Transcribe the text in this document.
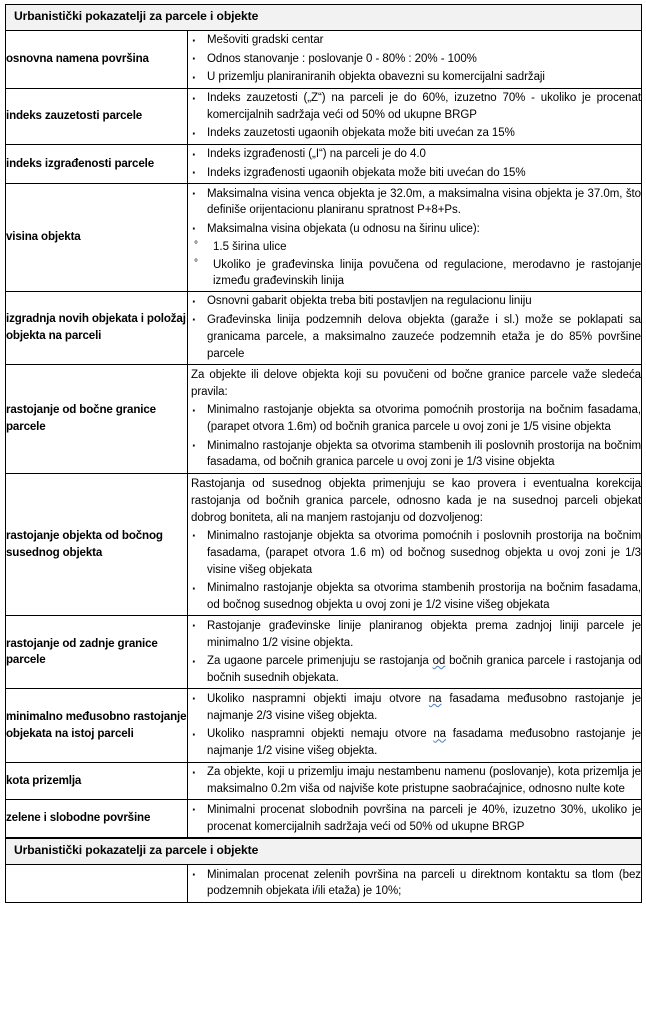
Urbanistički pokazatelji za parcele i objekte	
osnovna namena površina	
· Mešoviti gradski centar
· Odnos stanovanje : poslovanje 0 - 80% : 20% - 100%
· U prizemlju planiraniranih objekta obavezni su komercijalni sadržaji

indeks zauzetosti parcele	
· Indeks zauzetosti („Z“) na parceli je do 60%, izuzetno 70% - ukoliko je procenat komercijalnih sadržaja veći od 50% od ukupne BRGP
· Indeks zauzetosti ugaonih objekata može biti uvećan za 15%

indeks izgrađenosti parcele	
· Indeks izgrađenosti („I“) na parceli je do 4.0
· Indeks izgrađenosti ugaonih objekata može biti uvećan do 15%

visina objekta	
· Maksimalna visina venca objekta je 32.0m, a maksimalna visina objekta je 37.0m, što definiše orijentacionu planiranu spratnost P+8+Ps.
· Maksimalna visina objekata (u odnosu na širinu ulice):
° 1.5 širina ulice
° Ukoliko je građevinska linija povučena od regulacione, merodavno je rastojanje između građevinskih linija

izgradnja novih objekata i položaj objekta na parceli	
· Osnovni gabarit objekta treba biti postavljen na regulacionu liniju
· Građevinska linija podzemnih delova objekta (garaže i sl.) može se poklapati sa granicama parcele, a maksimalno zauzeće podzemnih etaža je do 85% površine parcele

rastojanje od bočne granice parcele	

Za objekte ili delove objekta koji su povučeni od bočne granice parcele važe sledeća pravila:

· Minimalno rastojanje objekta sa otvorima pomoćnih prostorija na bočnim fasadama, (parapet otvora 1.6m) od bočnih granica parcele u ovoj zoni je 1/5 visine objekta
· Minimalno rastojanje objekta sa otvorima stambenih ili poslovnih prostorija na bočnim fasadama, od bočnih granica parcele u ovoj zoni je 1/3 visine objekta

rastojanje objekta od bočnog susednog objekta	

Rastojanja od susednog objekta primenjuju se kao provera i eventualna korekcija rastojanja od bočnih granica parcele, odnosno kada je na susednoj parceli objekat dobrog boniteta, ali na manjem rastojanju od dozvoljenog:

· Minimalno rastojanje objekta sa otvorima pomoćnih i poslovnih prostorija na bočnim fasadama, (parapet otvora 1.6 m) od bočnog susednog objekta u ovoj zoni je 1/3 visine višeg objekata
· Minimalno rastojanje objekta sa otvorima stambenih prostorija na bočnim fasadama, od bočnog susednog objekta u ovoj zoni je 1/2 visine višeg objekata

rastojanje od zadnje granice parcele	
· Rastojanje građevinske linije planiranog objekta prema zadnjoj liniji parcele je minimalno 1/2 visine objekta.
· Za ugaone parcele primenjuju se rastojanja od bočnih granica parcele i rastojanja od bočnih susednih objekata.

minimalno međusobno rastojanje objekata na istoj parceli	
· Ukoliko naspramni objekti imaju otvore na fasadama međusobno rastojanje je najmanje 2/3 visine višeg objekta.
· Ukoliko naspramni objekti nemaju otvore na fasadama međusobno rastojanje je najmanje 1/2 visine višeg objekta.

kota prizemlja	
· Za objekte, koji u prizemlju imaju nestambenu namenu (poslovanje), kota prizemlja je maksimalno 0.2m viša od najviše kote pristupne saobraćajnice, odnosno nulte kote

zelene i slobodne površine	
· Minimalni procenat slobodnih površina na parceli je 40%, izuzetno 30%, ukoliko je procenat komercijalnih sadržaja veći od 50% od ukupne BRGP

Urbanistički pokazatelji za parcele i objekte	

· Minimalan procenat zelenih površina na parceli u direktnom kontaktu sa tlom (bez podzemnih objekata i/ili etaža) je 10%;
